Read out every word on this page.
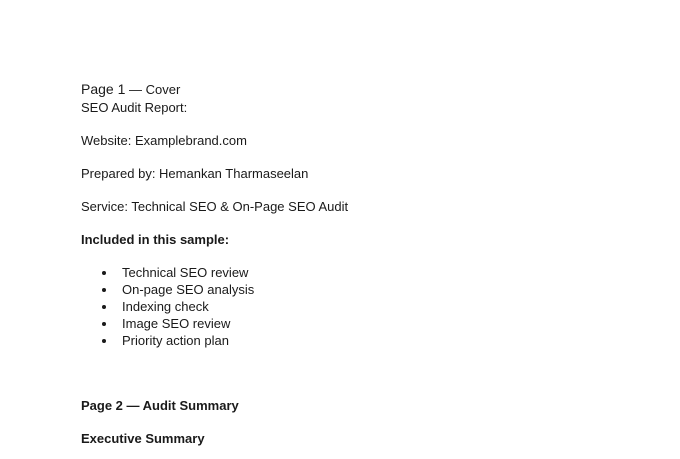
Page 1 — Cover

SEO Audit Report:

Website: Examplebrand.com

Prepared by: Hemankan Tharmaseelan

Service: Technical SEO & On-Page SEO Audit

Included in this sample:

Technical SEO review
On-page SEO analysis
Indexing check
Image SEO review
Priority action plan

Page 2 — Audit Summary

Executive Summary
